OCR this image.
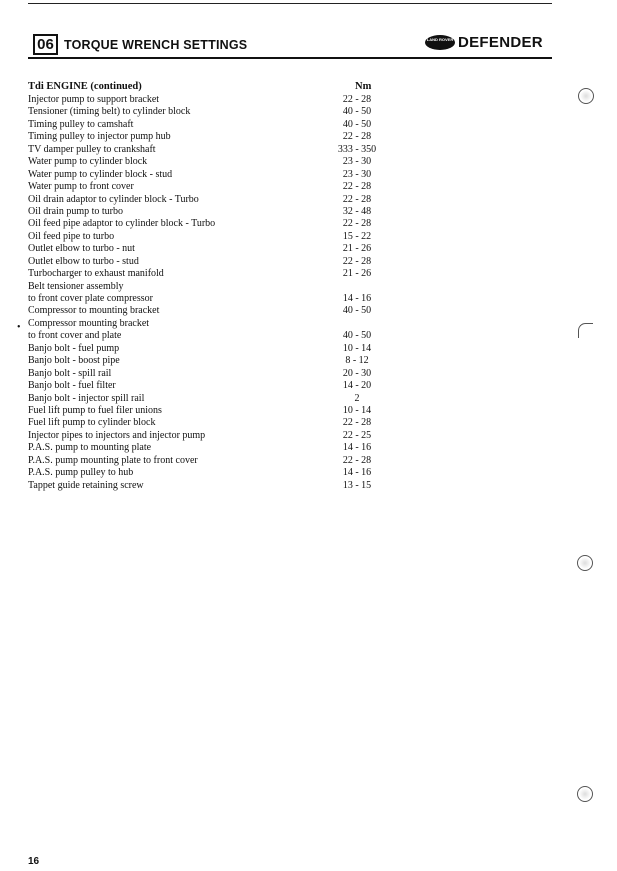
06 TORQUE WRENCH SETTINGS	LAND ROVER DEFENDER
Tdi ENGINE (continued)	Nm
Injector pump to support bracket	22 - 28
Tensioner (timing belt) to cylinder block	40 - 50
Timing pulley to camshaft	40 - 50
Timing pulley to injector pump hub	22 - 28
TV damper pulley to crankshaft	333 - 350
Water pump to cylinder block	23 - 30
Water pump to cylinder block - stud	23 - 30
Water pump to front cover	22 - 28
Oil drain adaptor to cylinder block - Turbo	22 - 28
Oil drain pump to turbo	32 - 48
Oil feed pipe adaptor to cylinder block - Turbo	22 - 28
Oil feed pipe to turbo	15 - 22
Outlet elbow to turbo - nut	21 - 26
Outlet elbow to turbo - stud	22 - 28
Turbocharger to exhaust manifold	21 - 26
Belt tensioner assembly
to front cover plate compressor	14 - 16
Compressor to mounting bracket	40 - 50
Compressor mounting bracket
to front cover and plate	40 - 50
Banjo bolt - fuel pump	10 - 14
Banjo bolt - boost pipe	8 - 12
Banjo bolt - spill rail	20 - 30
Banjo bolt - fuel filter	14 - 20
Banjo bolt - injector spill rail	2
Fuel lift pump to fuel filer unions	10 - 14
Fuel lift pump to cylinder block	22 - 28
Injector pipes to injectors and injector pump	22 - 25
P.A.S. pump to mounting plate	14 - 16
P.A.S. pump mounting plate to front cover	22 - 28
P.A.S. pump pulley to hub	14 - 16
Tappet guide retaining screw	13 - 15
•
16
